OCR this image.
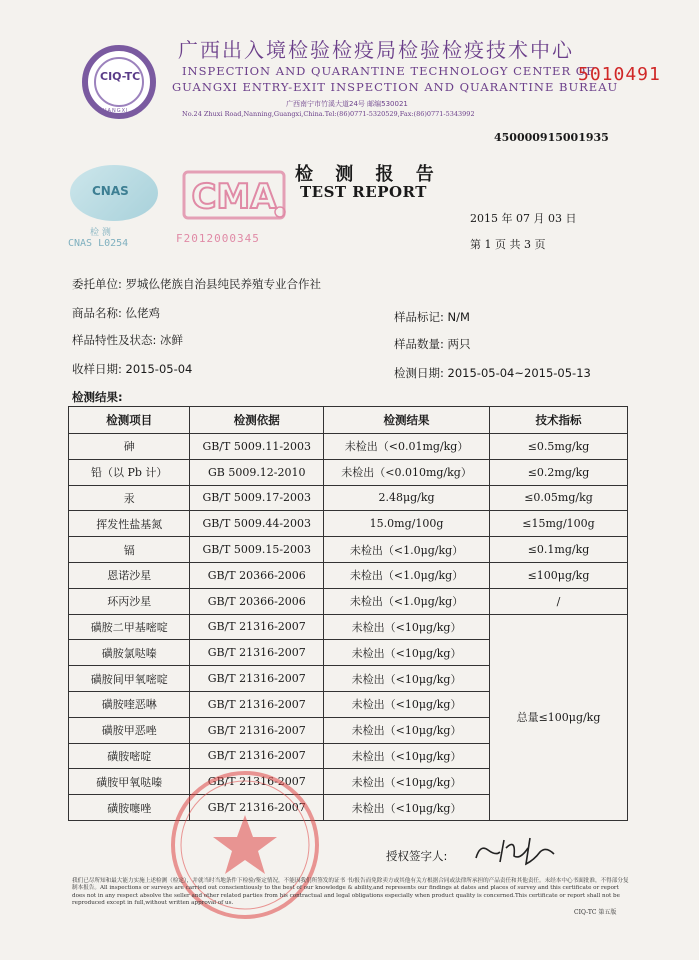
CIQ-TC
GUANGXI
广西出入境检验检疫局检验检疫技术中心
INSPECTION AND QUARANTINE TECHNOLOGY CENTER OF
GUANGXI ENTRY-EXIT INSPECTION AND QUARANTINE BUREAU
广西南宁市竹溪大道24号 邮编530021
No.24 Zhuxi Road,Nanning,Guangxi,China.Tel:(86)0771-5320529,Fax:(86)0771-5343992
5010491
450000915001935
检 测 报 告
TEST REPORT
CNAS
检 测
CNAS L0254
CMA
F2012000345
2015 年 07 月 03 日
第 1 页 共 3 页
委托单位: 罗城仫佬族自治县纯民养殖专业合作社
商品名称: 仫佬鸡	样品标记: N/M
样品特性及状态: 冰鲜	样品数量: 两只
收样日期: 2015-05-04	检测日期: 2015-05-04~2015-05-13
检测结果:
检测项目	检测依据	检测结果	技术指标
砷	GB/T 5009.11-2003	未检出（<0.01mg/kg）	≤0.5mg/kg
铅（以 Pb 计）	GB 5009.12-2010	未检出（<0.010mg/kg）	≤0.2mg/kg
汞	GB/T 5009.17-2003	2.48μg/kg	≤0.05mg/kg
挥发性盐基氮	GB/T 5009.44-2003	15.0mg/100g	≤15mg/100g
镉	GB/T 5009.15-2003	未检出（<1.0μg/kg）	≤0.1mg/kg
恩诺沙星	GB/T 20366-2006	未检出（<1.0μg/kg）	≤100μg/kg
环丙沙星	GB/T 20366-2006	未检出（<1.0μg/kg）	/
磺胺二甲基嘧啶	GB/T 21316-2007	未检出（<10μg/kg）	总量≤100μg/kg
磺胺氯哒嗪	GB/T 21316-2007	未检出（<10μg/kg）	
磺胺间甲氧嘧啶	GB/T 21316-2007	未检出（<10μg/kg）	
磺胺喹恶啉	GB/T 21316-2007	未检出（<10μg/kg）	
磺胺甲恶唑	GB/T 21316-2007	未检出（<10μg/kg）	
磺胺嘧啶	GB/T 21316-2007	未检出（<10μg/kg）	
磺胺甲氧哒嗪	GB/T 21316-2007	未检出（<10μg/kg）	
磺胺噻唑	GB/T 21316-2007	未检出（<10μg/kg）	
授权签字人:
我们已尽所知和最大能力实施上述检测（检定），并就当时当地条件下检验/鉴定情况，不能因我们所签发的证书 书/报告而免除卖方或其他有关方根据合同或法律所承担的产品责任和其他责任。未经本中心书面批准，不得部分复制本报告。All inspections or surveys are carried out conscientiously to the best of our knowledge & ability,and represents our findings at dates and places of survey and this certificate or report does not in any respect absolve the seller and other related parties from his contractual and legal obligations especially when product quality is concerned.This certificate or report shall not be reproduced except in full,without written approval of us.
CIQ-TC 第五版
